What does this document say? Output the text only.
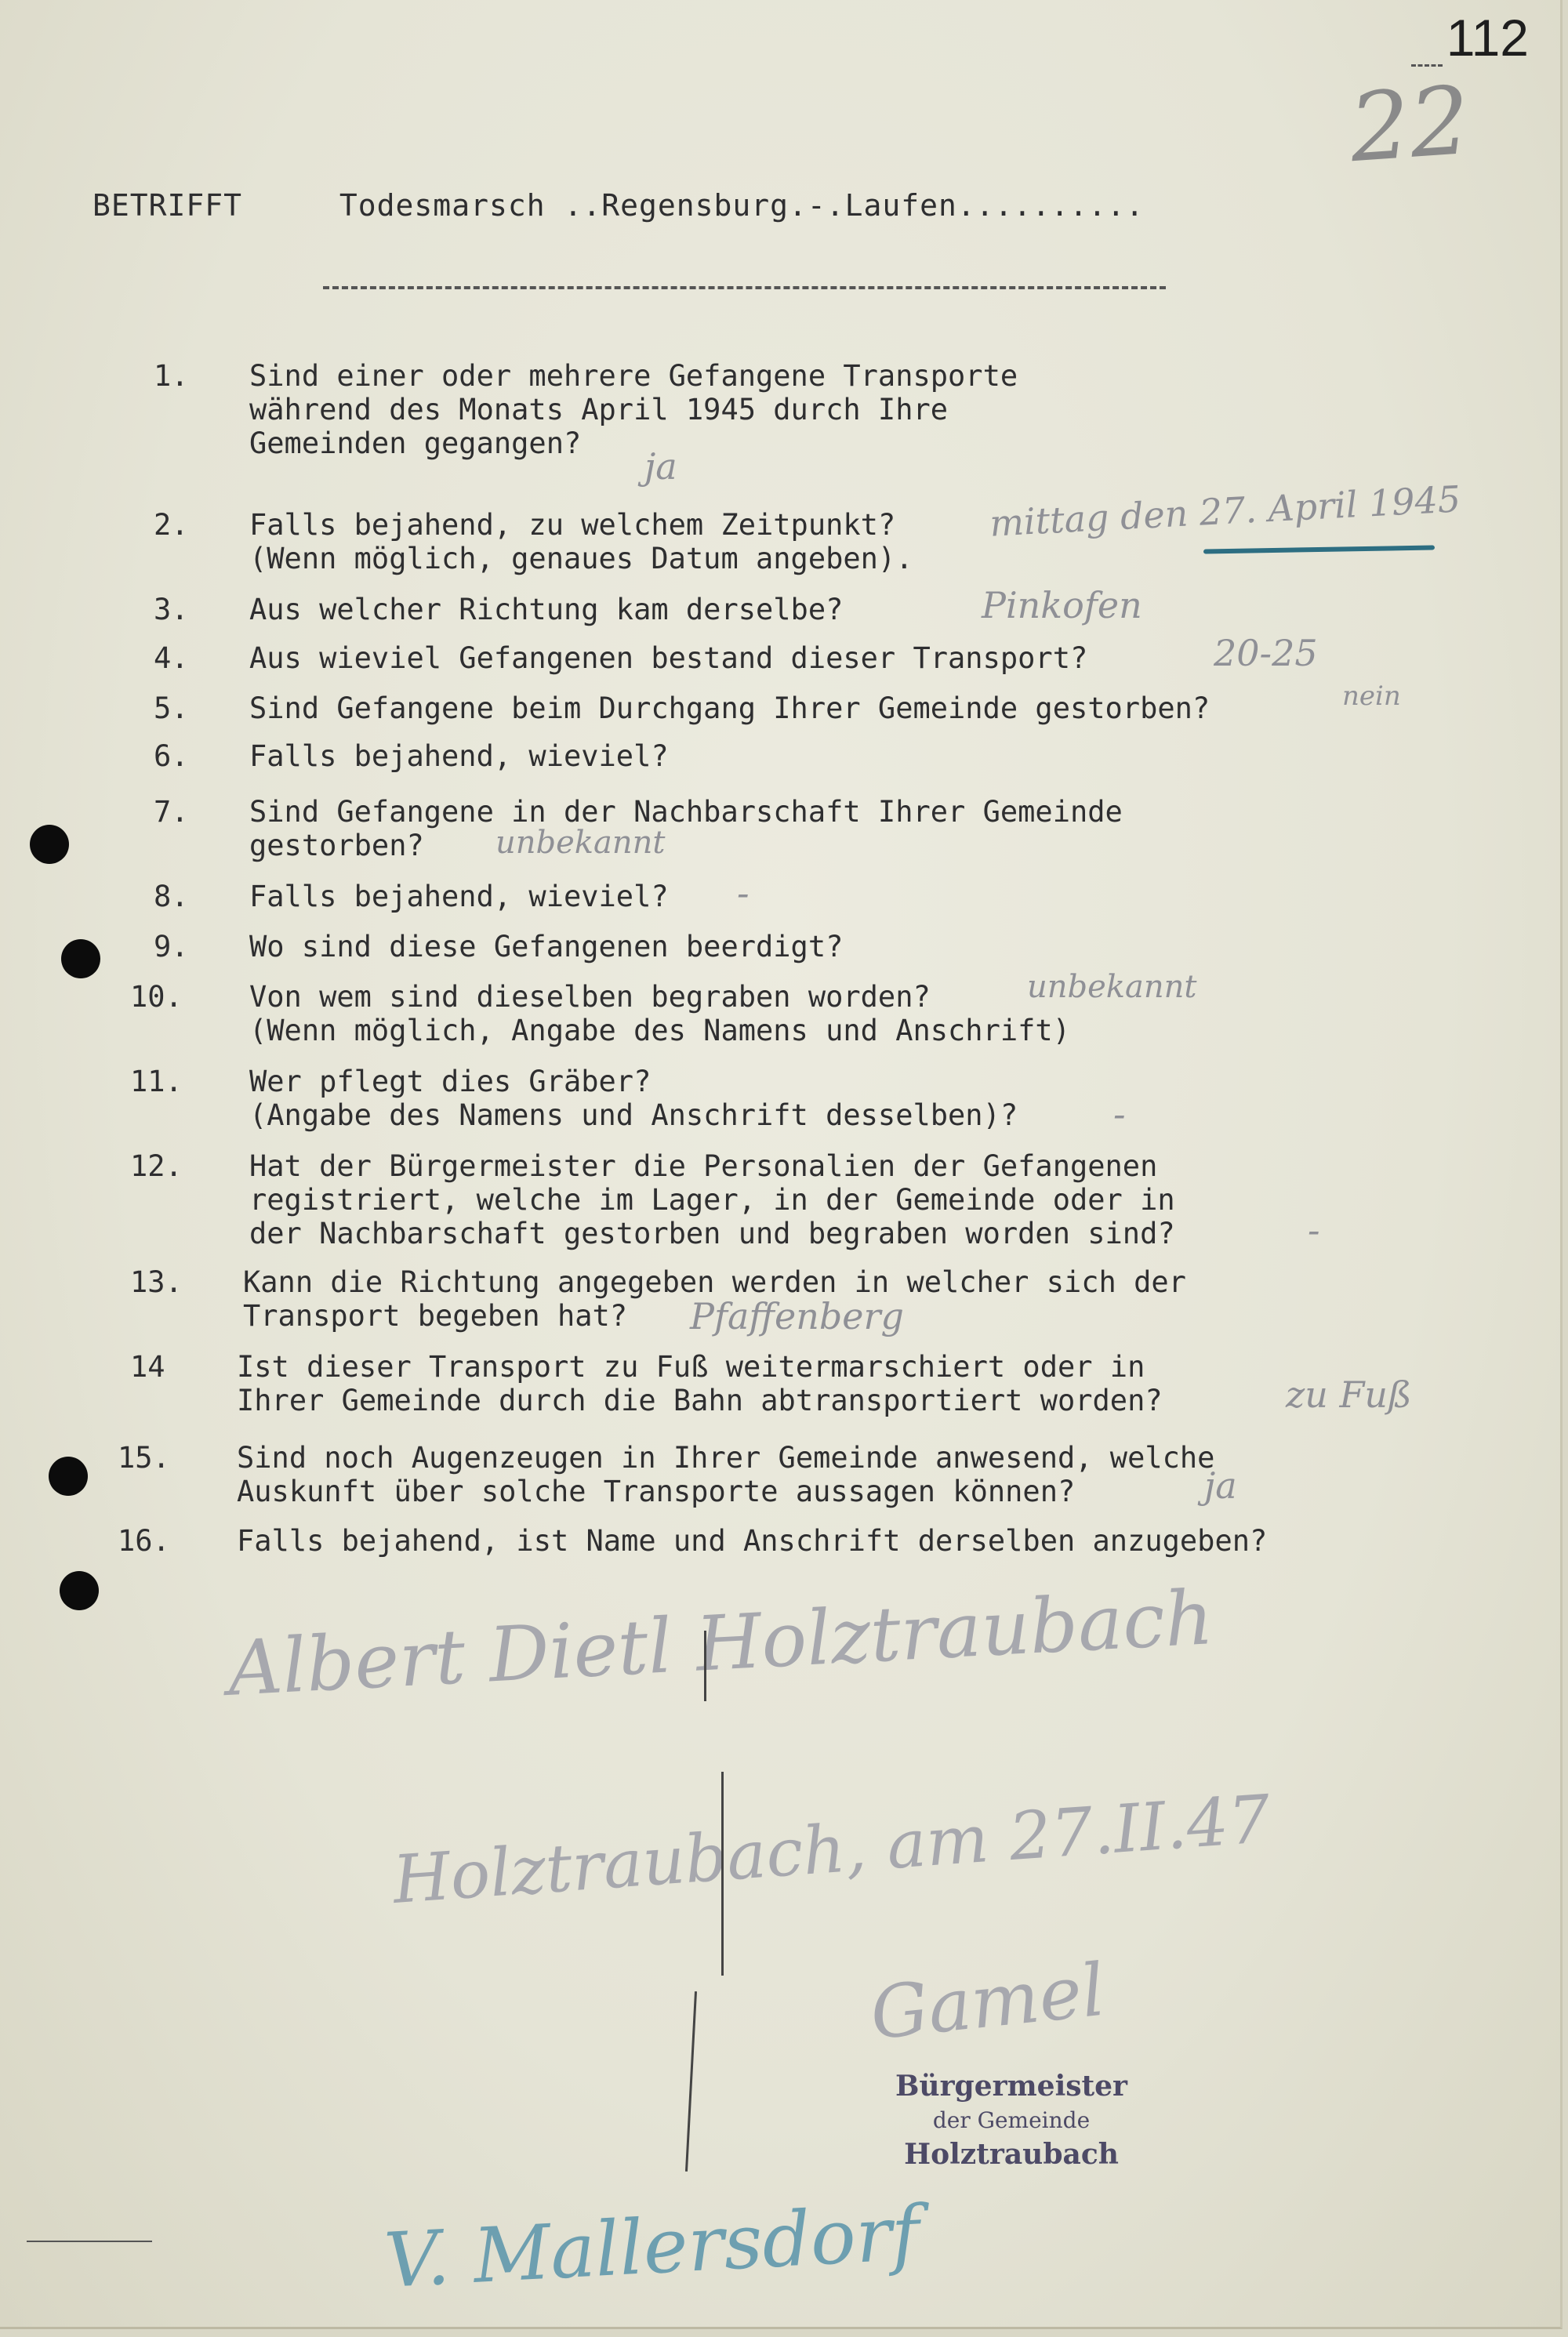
112
22
BETRIFFT	Todesmarsch ..Regensburg.-.Laufen..........
1. Sind einer oder mehrere Gefangene Transporte
während des Monats April 1945 durch Ihre
Gemeinden gegangen?
ja
2. Falls bejahend, zu welchem Zeitpunkt?
(Wenn möglich, genaues Datum angeben).
mittag den 27. April 1945
3. Aus welcher Richtung kam derselbe?	Pinkofen
4. Aus wieviel Gefangenen bestand dieser Transport?	20-25
5. Sind Gefangene beim Durchgang Ihrer Gemeinde gestorben?	nein
6. Falls bejahend, wieviel?
7. Sind Gefangene in der Nachbarschaft Ihrer Gemeinde
gestorben?	unbekannt
8. Falls bejahend, wieviel? -
9. Wo sind diese Gefangenen beerdigt?
10. Von wem sind dieselben begraben worden?
(Wenn möglich, Angabe des Namens und Anschrift)
unbekannt
11. Wer pflegt dies Gräber?
(Angabe des Namens und Anschrift desselben)?	-
12. Hat der Bürgermeister die Personalien der Gefangenen
registriert, welche im Lager, in der Gemeinde oder in
der Nachbarschaft gestorben und begraben worden sind?	-
13. Kann die Richtung angegeben werden in welcher sich der
Transport begeben hat?	Pfaffenberg
14 Ist dieser Transport zu Fuß weitermarschiert oder in
Ihrer Gemeinde durch die Bahn abtransportiert worden?	zu Fuß
15. Sind noch Augenzeugen in Ihrer Gemeinde anwesend, welche
Auskunft über solche Transporte aussagen können?	ja
16. Falls bejahend, ist Name und Anschrift derselben anzugeben?
Albert Dietl Holztraubach
Holztraubach, am 27.II.47
Gamel
Bürgermeister
der Gemeinde
Holztraubach
V. Mallersdorf
